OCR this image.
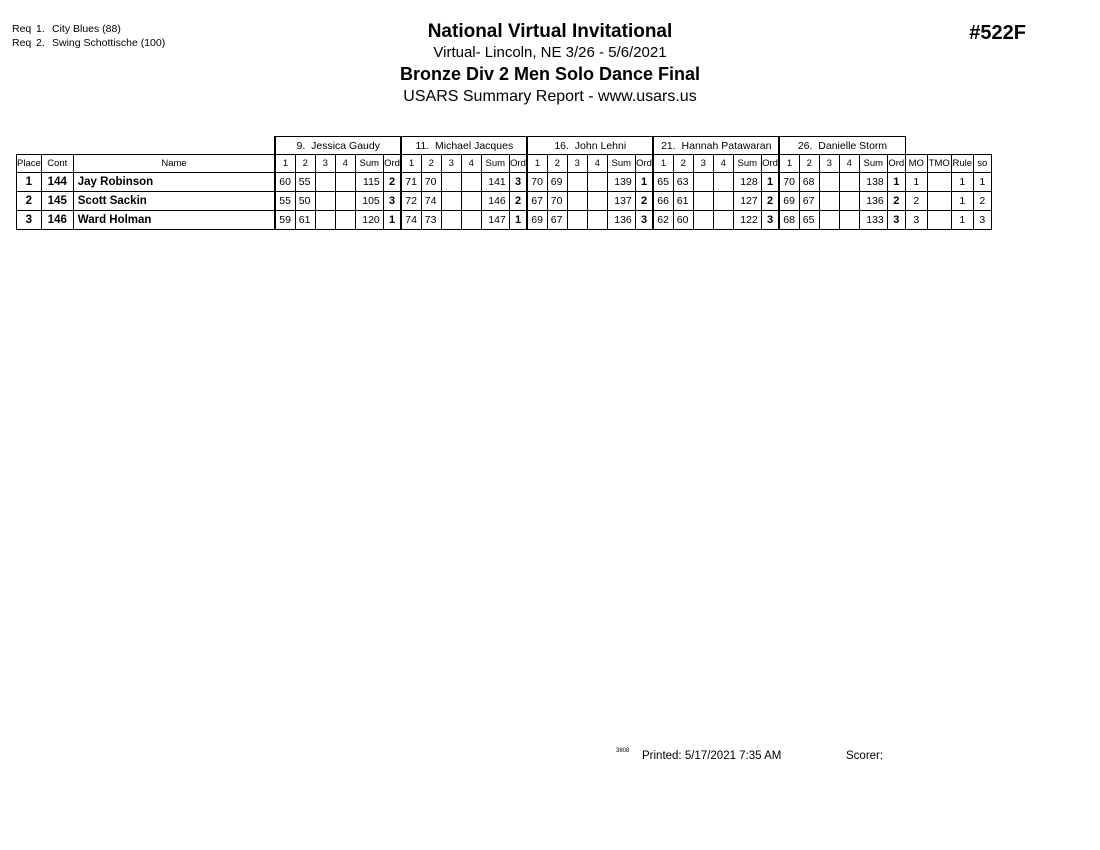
Req 1. City Blues (88)
Req 2. Swing Schottische (100)
National Virtual Invitational
Virtual- Lincoln, NE 3/26 - 5/6/2021
Bronze Div 2 Men Solo Dance Final
USARS Summary Report - www.usars.us
#522F
			9. Jessica Gaudy						11. Michael Jacques						16. John Lehni						21. Hannah Patawaran						26. Danielle Storm									
Place	Cont	Name	1	2	3	4	Sum	Ord	1	2	3	4	Sum	Ord	1	2	3	4	Sum	Ord	1	2	3	4	Sum	Ord	1	2	3	4	Sum	Ord	MO	TMO	Rule	so
1	144	Jay Robinson	60	55			115	2	71	70			141	3	70	69			139	1	65	63			128	1	70	68			138	1	1		1	1
2	145	Scott Sackin	55	50			105	3	72	74			146	2	67	70			137	2	66	61			127	2	69	67			136	2	2		1	2
3	146	Ward Holman	59	61			120	1	74	73			147	1	69	67			136	3	62	60			122	3	68	65			133	3	3		1	3
3808 Printed: 5/17/2021 7:35 AM	Scorer:
